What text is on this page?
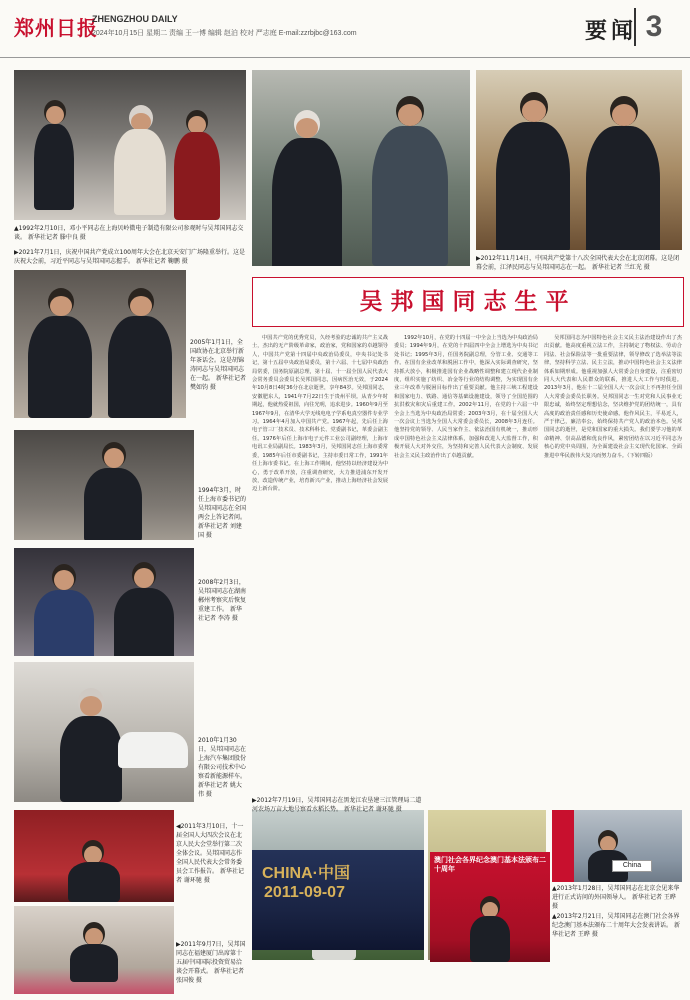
郑州日报
ZHENGZHOU DAILY
2024年10月15日 星期二 责编 王一博 编辑 赵泊 校对 严志庭 E-mail:zzrbjbc@163.com	要闻 3
▲1992年2月10日，邓小平同志在上海贝岭微电子制造有限公司参观时与吴邦国同志交谈。 新华社记者 滕中良 摄
▶2021年7月1日，庆祝中国共产党成立100周年大会在北京天安门广场隆重举行。这是庆祝大会前，习近平同志与吴邦国同志握手。 新华社记者 鞠鹏 摄	▶2012年11月14日，中国共产党第十八次全国代表大会在北京闭幕。这是闭幕会前，江泽民同志与吴邦国同志在一起。 新华社记者 兰红光 摄
吴邦国同志生平
2005年1月1日，全国政协在北京举行新年茶话会。这是胡锦涛同志与吴邦国同志在一起。 新华社记者 樊如钧 摄
1994年3月，时任上海市委书记的吴邦国同志在全国两会上答记者问。 新华社记者 刘建国 摄
2008年2月3日，吴邦国同志在湖南郴州考察灾后恢复重建工作。 新华社记者 李涛 摄
2010年1月30日，吴邦国同志在上海汽车集团股份有限公司技术中心察看新能源样车。 新华社记者 姚大伟 摄
◀2011年3月10日，十一届全国人大四次会议在北京人民大会堂举行第二次全体会议。吴邦国同志作全国人民代表大会常务委员会工作报告。 新华社记者 谢环驰 摄
▶2011年9月7日，吴邦国同志在福建厦门出席第十五届中国国际投资贸易洽谈会开幕式。 新华社记者 张国俊 摄

中国共产党的优秀党员，久经考验的忠诚的共产主义战士，杰出的无产阶级革命家，政治家，党和国家的卓越领导人，中国共产党第十四届中央政治局委员，中央书记处书记，第十五届中央政治局委员，第十六届、十七届中央政治局常委，国务院原副总理，第十届、十一届全国人民代表大会常务委员会委员长吴邦国同志，因病医治无效，于2024年10月8日4时36分在北京逝世，享年84岁。吴邦国同志，安徽肥东人，1941年7月22日生于贵州平坝。从青少年时期起，他就热爱祖国，向往光明，追求进步。1960年9月至1967年9月，在清华大学无线电电子学系电真空器件专业学习。1964年4月加入中国共产党。1967年起，先后任上海电子管三厂技术员、技术科科长、党委副书记，革委会副主任。1976年后任上海市电子元件工业公司副经理，上海市电讯工业局副局长。1983年3月，吴邦国同志任上海市委常委，1985年后任市委副书记，主持市委日常工作，1991年任上海市委书记。在上海工作期间，他坚持以经济建设为中心，勇于改革开放，注重调查研究，大力推进浦东开发开放，改造传统产业，培育新兴产业，推动上海经济社会发展迈上新台阶。

1992年10月，在党的十四届一中全会上当选为中央政治局委员；1994年9月，在党的十四届四中全会上增选为中央书记处书记；1995年3月，任国务院副总理，分管工业、交通等工作。在国有企业改革和脱困工作中，他深入实际调查研究，坚持抓大放小，积极推进国有企业战略性调整和建立现代企业制度，组织实施了纺织、冶金等行业的结构调整，为实现国有企业三年改革与脱困目标作出了重要贡献。他主持三峡工程建设和国家电力、铁路、通信等基础设施建设，领导了全国范围的抗洪救灾和灾后重建工作。2002年11月，在党的十六届一中全会上当选为中央政治局常委；2003年3月，在十届全国人大一次会议上当选为全国人大常委会委员长，2008年3月连任。他坚持党的领导、人民当家作主、依法治国有机统一，推动形成中国特色社会主义法律体系，加强和改进人大监督工作，积极开展人大对外交往，为坚持和完善人民代表大会制度、发展社会主义民主政治作出了卓越贡献。

吴邦国同志为中国特色社会主义民主法治建设作出了杰出贡献。他高度重视立法工作，主持制定了物权法、劳动合同法、社会保险法等一批重要法律，领导修改了选举法等法律，坚持科学立法、民主立法，推动中国特色社会主义法律体系如期形成。他重视加强人大常委会自身建设，注重密切同人大代表和人民群众的联系，推进人大工作与时俱进。2013年3月，他在十二届全国人大一次会议上不再担任全国人大常委会委员长职务。吴邦国同志一生对党和人民事业无限忠诚，始终坚定理想信念，坚决维护党的团结统一，具有高度的政治责任感和历史使命感。他作风民主，平易近人，严于律己，廉洁奉公，始终保持共产党人的政治本色。吴邦国同志的逝世，是党和国家的重大损失。我们要学习他的革命精神、崇高品德和优良作风，紧密团结在以习近平同志为核心的党中央周围，为全面建设社会主义现代化国家、全面推进中华民族伟大复兴而努力奋斗。（下转四版）

▶2012年7月19日，吴邦国同志在黑龙江农垦建三江管理局二道河农场万亩大地号察看水稻长势。 新华社记者 谢环驰 摄
CHINA·中国
2011-09-07
China
▲2013年1月28日，吴邦国同志在北京会见来华进行正式访问的外国领导人。 新华社记者 王晔 摄
澳门社会各界纪念澳门基本法颁布二十周年
▲2013年2月21日，吴邦国同志在澳门社会各界纪念澳门基本法颁布二十周年大会发表讲话。 新华社记者 王晔 摄
